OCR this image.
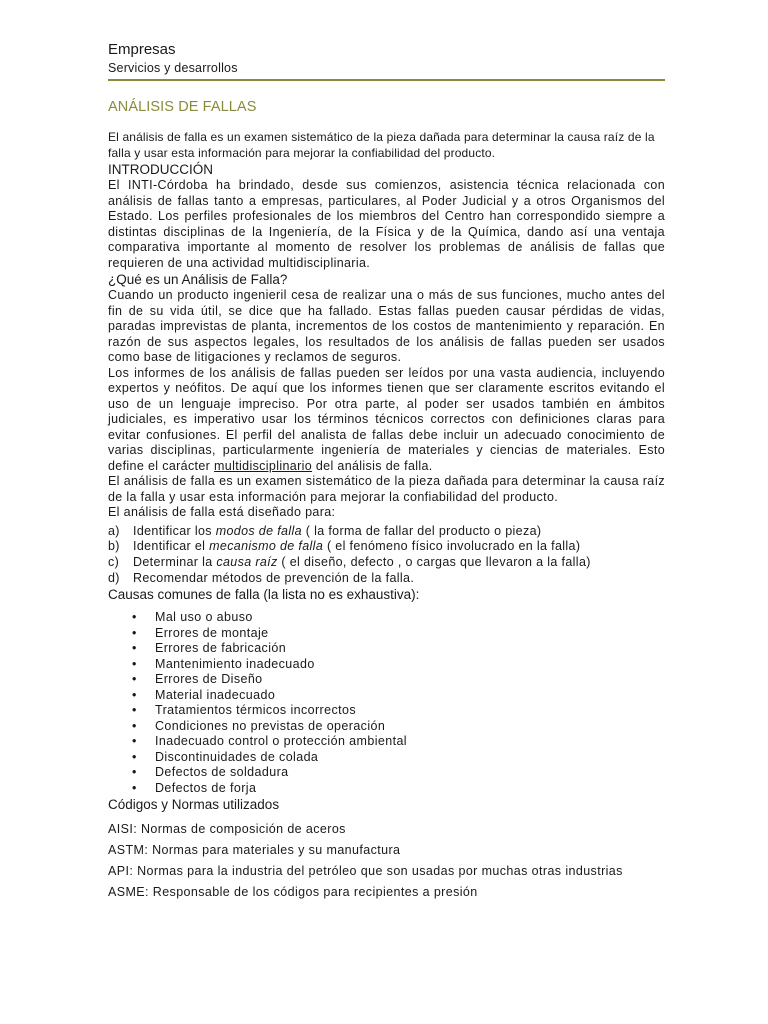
Empresas

Servicios y desarrollos

ANÁLISIS DE FALLAS

El análisis de falla es un examen sistemático de la pieza dañada para determinar la causa raíz de la falla y usar esta información para mejorar la confiabilidad del producto.

INTRODUCCIÓN

El INTI-Córdoba ha brindado, desde sus comienzos, asistencia técnica relacionada con análisis de fallas tanto a empresas, particulares, al Poder Judicial y a otros Organismos del Estado. Los perfiles profesionales de los miembros del Centro han correspondido siempre a distintas disciplinas de la Ingeniería, de la Física y de la Química, dando así una ventaja comparativa importante al momento de resolver los problemas de análisis de fallas que requieren de una actividad multidisciplinaria.

¿Qué es un Análisis de Falla?

Cuando un producto ingenieril cesa de realizar una o más de sus funciones, mucho antes del fin de su vida útil, se dice que ha fallado. Estas fallas pueden causar pérdidas de vidas, paradas imprevistas de planta, incrementos de los costos de mantenimiento y reparación. En razón de sus aspectos legales, los resultados de los análisis de fallas pueden ser usados como base de litigaciones y reclamos de seguros.

Los informes de los análisis de fallas pueden ser leídos por una vasta audiencia, incluyendo expertos y neófitos. De aquí que los informes tienen que ser claramente escritos evitando el uso de un lenguaje impreciso. Por otra parte, al poder ser usados también en ámbitos judiciales, es imperativo usar los términos técnicos correctos con definiciones claras para evitar confusiones. El perfil del analista de fallas debe incluir un adecuado conocimiento de varias disciplinas, particularmente ingeniería de materiales y ciencias de materiales. Esto define el carácter multidisciplinario del análisis de falla.

El análisis de falla es un examen sistemático de la pieza dañada para determinar la causa raíz de la falla y usar esta información para mejorar la confiabilidad del producto.

El análisis de falla está diseñado para:

a)	Identificar los modos de falla ( la forma de fallar del producto o pieza)
b)	Identificar el mecanismo de falla ( el fenómeno físico involucrado en la falla)
c)	Determinar la causa raíz ( el diseño, defecto , o cargas que llevaron a la falla)
d)	Recomendar métodos de prevención de la falla.
Causas comunes de falla (la lista no es exhaustiva):
•
Mal uso o abuso
•
Errores de montaje
•
Errores de fabricación
•
Mantenimiento inadecuado
•
Errores de Diseño
•
Material inadecuado
•
Tratamientos térmicos incorrectos
•
Condiciones no previstas de operación
•
Inadecuado control o protección ambiental
•
Discontinuidades de colada
•
Defectos de soldadura
•
Defectos de forja
Códigos y Normas utilizados

AISI: Normas de composición de aceros

ASTM: Normas para materiales y su manufactura

API: Normas para la industria del petróleo que son usadas por muchas otras industrias

ASME: Responsable de los códigos para recipientes a presión
